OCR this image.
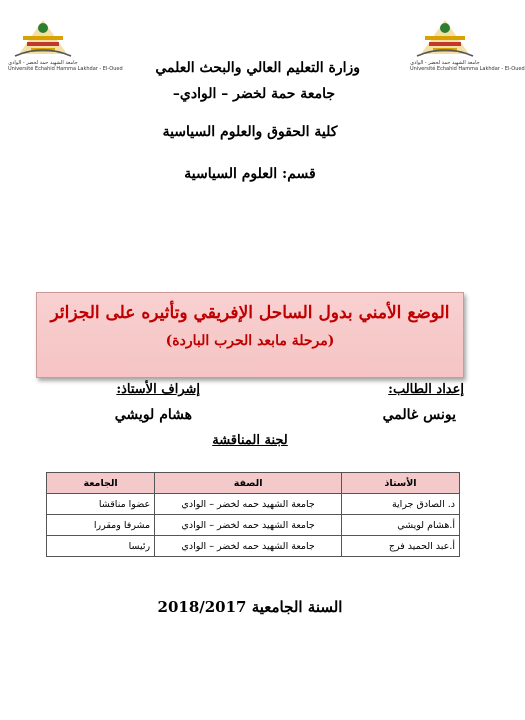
جامعة الشهيد حمة لخضر - الوادي
Université Echahid Hamma Lakhdar - El-Oued
جامعة الشهيد حمة لخضر - الوادي
Université Echahid Hamma Lakhdar - El-Oued وزارة التعليم العالي والبحث العلمي
جامعة حمة لخضر – الوادي–
كلية الحقوق والعلوم السياسية
قسم: العلوم السياسية
الوضع الأمني بدول الساحل الإفريقي وتأثيره على الجزائر
(مرحلة مابعد الحرب الباردة)
إعداد الطالب:
إشراف الأستاذ:
يونس غالمي
هشام لويشي
لجنة المناقشة
الأستاذ	الصفة	الجامعة
د. الصادق جراية	جامعة الشهيد حمه لخضر – الوادي	عضوا مناقشا
أ.هشام لويشي	جامعة الشهيد حمه لخضر – الوادي	مشرفا ومقررا
أ.عبد الحميد فرج	جامعة الشهيد حمه لخضر – الوادي	رئيسا
السنة الجامعية 2018/2017
